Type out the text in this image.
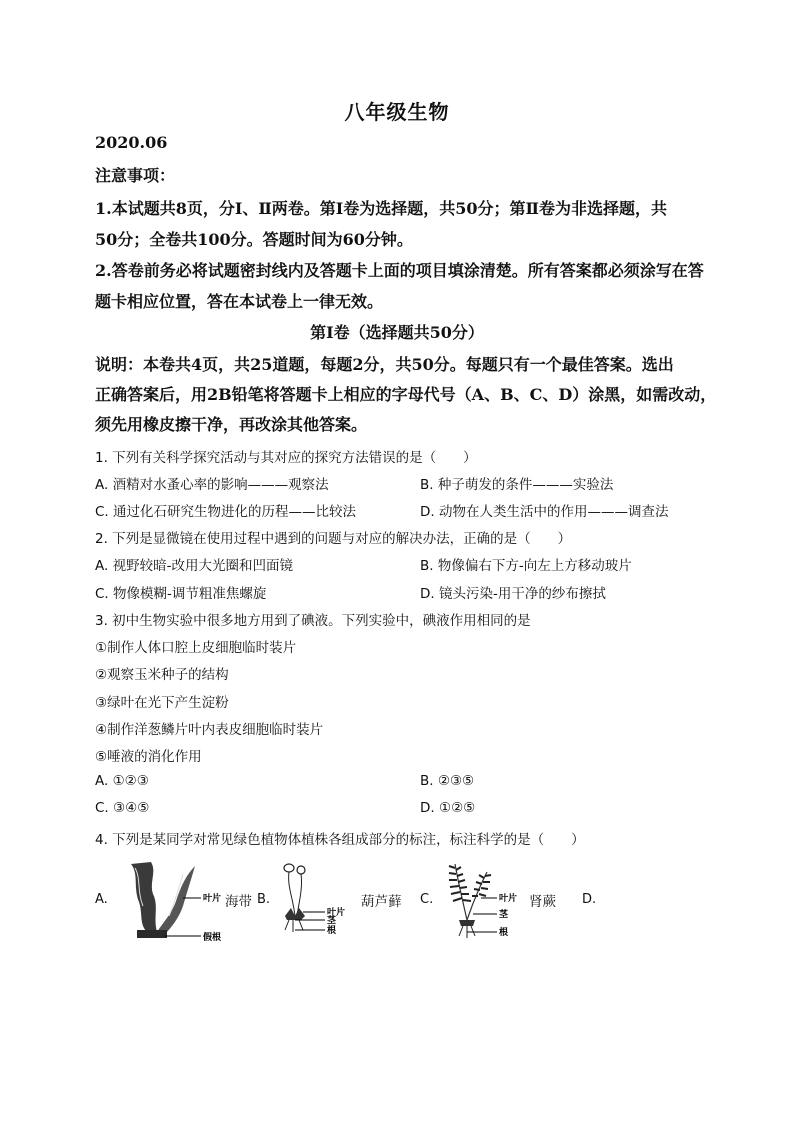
八年级生物
2020.06
注意事项：
1.本试题共8页，分Ⅰ、Ⅱ两卷。第Ⅰ卷为选择题，共50分；第Ⅱ卷为非选择题，共
50分；全卷共100分。答题时间为60分钟。
2.答卷前务必将试题密封线内及答题卡上面的项目填涂清楚。所有答案都必须涂写在答
题卡相应位置，答在本试卷上一律无效。
第Ⅰ卷（选择题共50分）
说明：本卷共4页，共25道题，每题2分，共50分。每题只有一个最佳答案。选出
正确答案后，用2B铅笔将答题卡上相应的字母代号（A、B、C、D）涂黑，如需改动，
须先用橡皮擦干净，再改涂其他答案。
1. 下列有关科学探究活动与其对应的探究方法错误的是（　　）
A. 酒精对水蚤心率的影响———观察法	B. 种子萌发的条件———实验法
C. 通过化石研究生物进化的历程——比较法	D. 动物在人类生活中的作用———调查法
2. 下列是显微镜在使用过程中遇到的问题与对应的解决办法，正确的是（　　）
A. 视野较暗-改用大光圈和凹面镜	B. 物像偏右下方-向左上方移动玻片
C. 物像模糊-调节粗准焦螺旋	D. 镜头污染-用干净的纱布擦拭
3. 初中生物实验中很多地方用到了碘液。下列实验中，碘液作用相同的是
①制作人体口腔上皮细胞临时装片
②观察玉米种子的结构
③绿叶在光下产生淀粉
④制作洋葱鳞片叶内表皮细胞临时装片
⑤唾液的消化作用
A. ①②③	B. ②③⑤
C. ③④⑤	D. ①②⑤
4. 下列是某同学对常见绿色植物体植株各组成部分的标注，标注科学的是（　　）
A.	叶片
假根
海带 B.
叶片
茎
根
葫芦藓 C.	叶片
茎
根
肾蕨 D.
